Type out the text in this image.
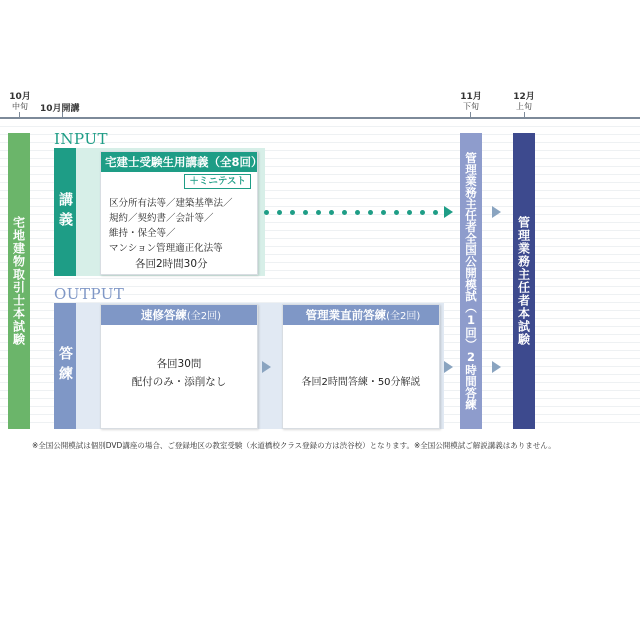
10月
中旬	10月開講
11月
下旬
12月
上旬
宅地建物取引士本試験
INPUT
講義
宅建士受験生用講義（全8回）
＋ミニテスト
区分所有法等／建築基準法／
規約／契約書／会計等／
維持・保全等／
マンション管理適正化法等
各回2時間30分
OUTPUT
答練
速修答練(全2回)
各回30問
配付のみ・添削なし
管理業直前答練(全2回)
各回2時間答練・50分解説	管理業務主任者全国公開模試（1回）2時間答練	管理業務主任者本試験
※全国公開模試は個別DVD講座の場合、ご登録地区の教室受験（水道橋校クラス登録の方は渋谷校）となります。※全国公開模試ご解説講義はありません。
